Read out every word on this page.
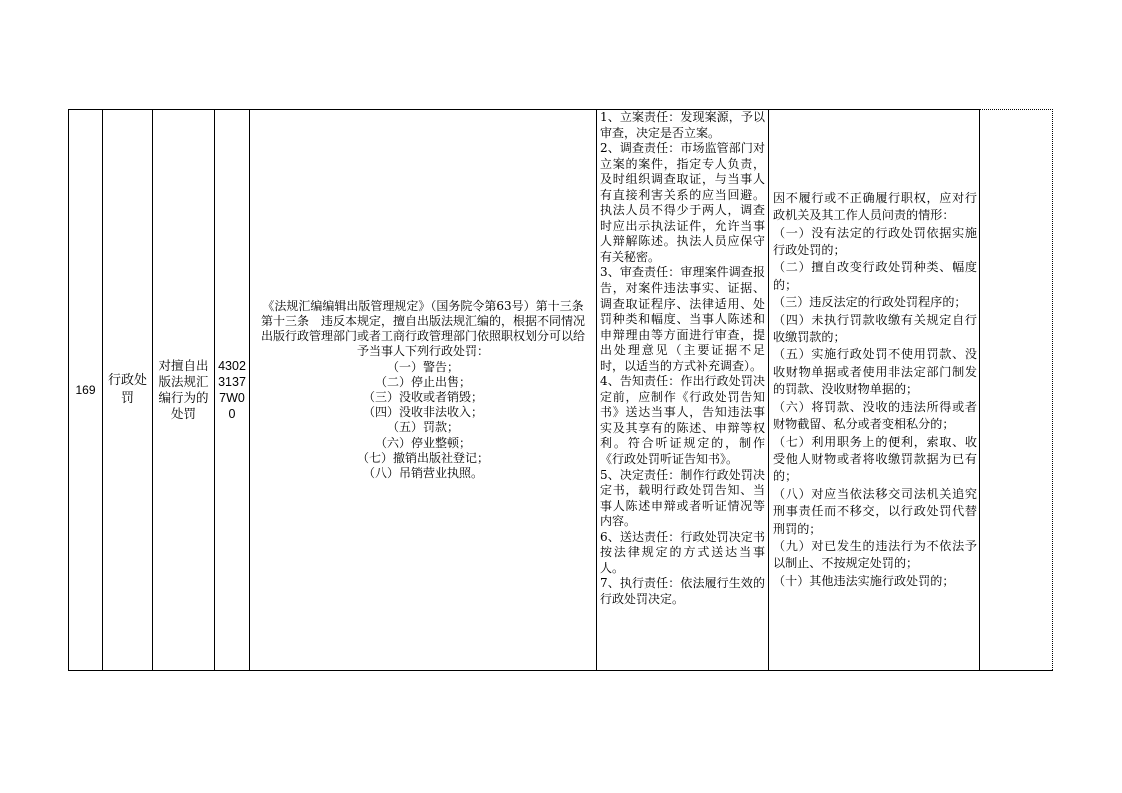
169	行政处罚	对擅自出版法规汇编行为的处罚	43023137 7W00	
《法规汇编编辑出版管理规定》（国务院令第63号）第十三条
第十三条　违反本规定，擅自出版法规汇编的，根据不同情况出版行政管理部门或者工商行政管理部门依照职权划分可以给予当事人下列行政处罚：
（一）警告；
（二）停止出售；
（三）没收或者销毁；
（四）没收非法收入；
（五）罚款；
（六）停业整顿；
（七）撤销出版社登记；
（八）吊销营业执照。

1、立案责任：发现案源，予以审查，决定是否立案。
2、调查责任：市场监管部门对立案的案件，指定专人负责，及时组织调查取证，与当事人有直接利害关系的应当回避。执法人员不得少于两人，调查时应出示执法证件，允许当事人辩解陈述。执法人员应保守有关秘密。
3、审查责任：审理案件调查报告，对案件违法事实、证据、调查取证程序、法律适用、处罚种类和幅度、当事人陈述和申辩理由等方面进行审查，提出处理意见（主要证据不足时，以适当的方式补充调查）。
4、告知责任：作出行政处罚决定前，应制作《行政处罚告知书》送达当事人，告知违法事实及其享有的陈述、申辩等权利。符合听证规定的，制作《行政处罚听证告知书》。
5、决定责任：制作行政处罚决定书，载明行政处罚告知、当事人陈述申辩或者听证情况等内容。
6、送达责任：行政处罚决定书按法律规定的方式送达当事人。
7、执行责任：依法履行生效的行政处罚决定。

因不履行或不正确履行职权，应对行政机关及其工作人员问责的情形：
（一）没有法定的行政处罚依据实施行政处罚的；
（二）擅自改变行政处罚种类、幅度的；
（三）违反法定的行政处罚程序的；
（四）未执行罚款收缴有关规定自行收缴罚款的；
（五）实施行政处罚不使用罚款、没收财物单据或者使用非法定部门制发的罚款、没收财物单据的；
（六）将罚款、没收的违法所得或者财物截留、私分或者变相私分的；
（七）利用职务上的便利，索取、收受他人财物或者将收缴罚款据为已有的；
（八）对应当依法移交司法机关追究刑事责任而不移交，以行政处罚代替刑罚的；
（九）对已发生的违法行为不依法予以制止、不按规定处罚的；
（十）其他违法实施行政处罚的；
